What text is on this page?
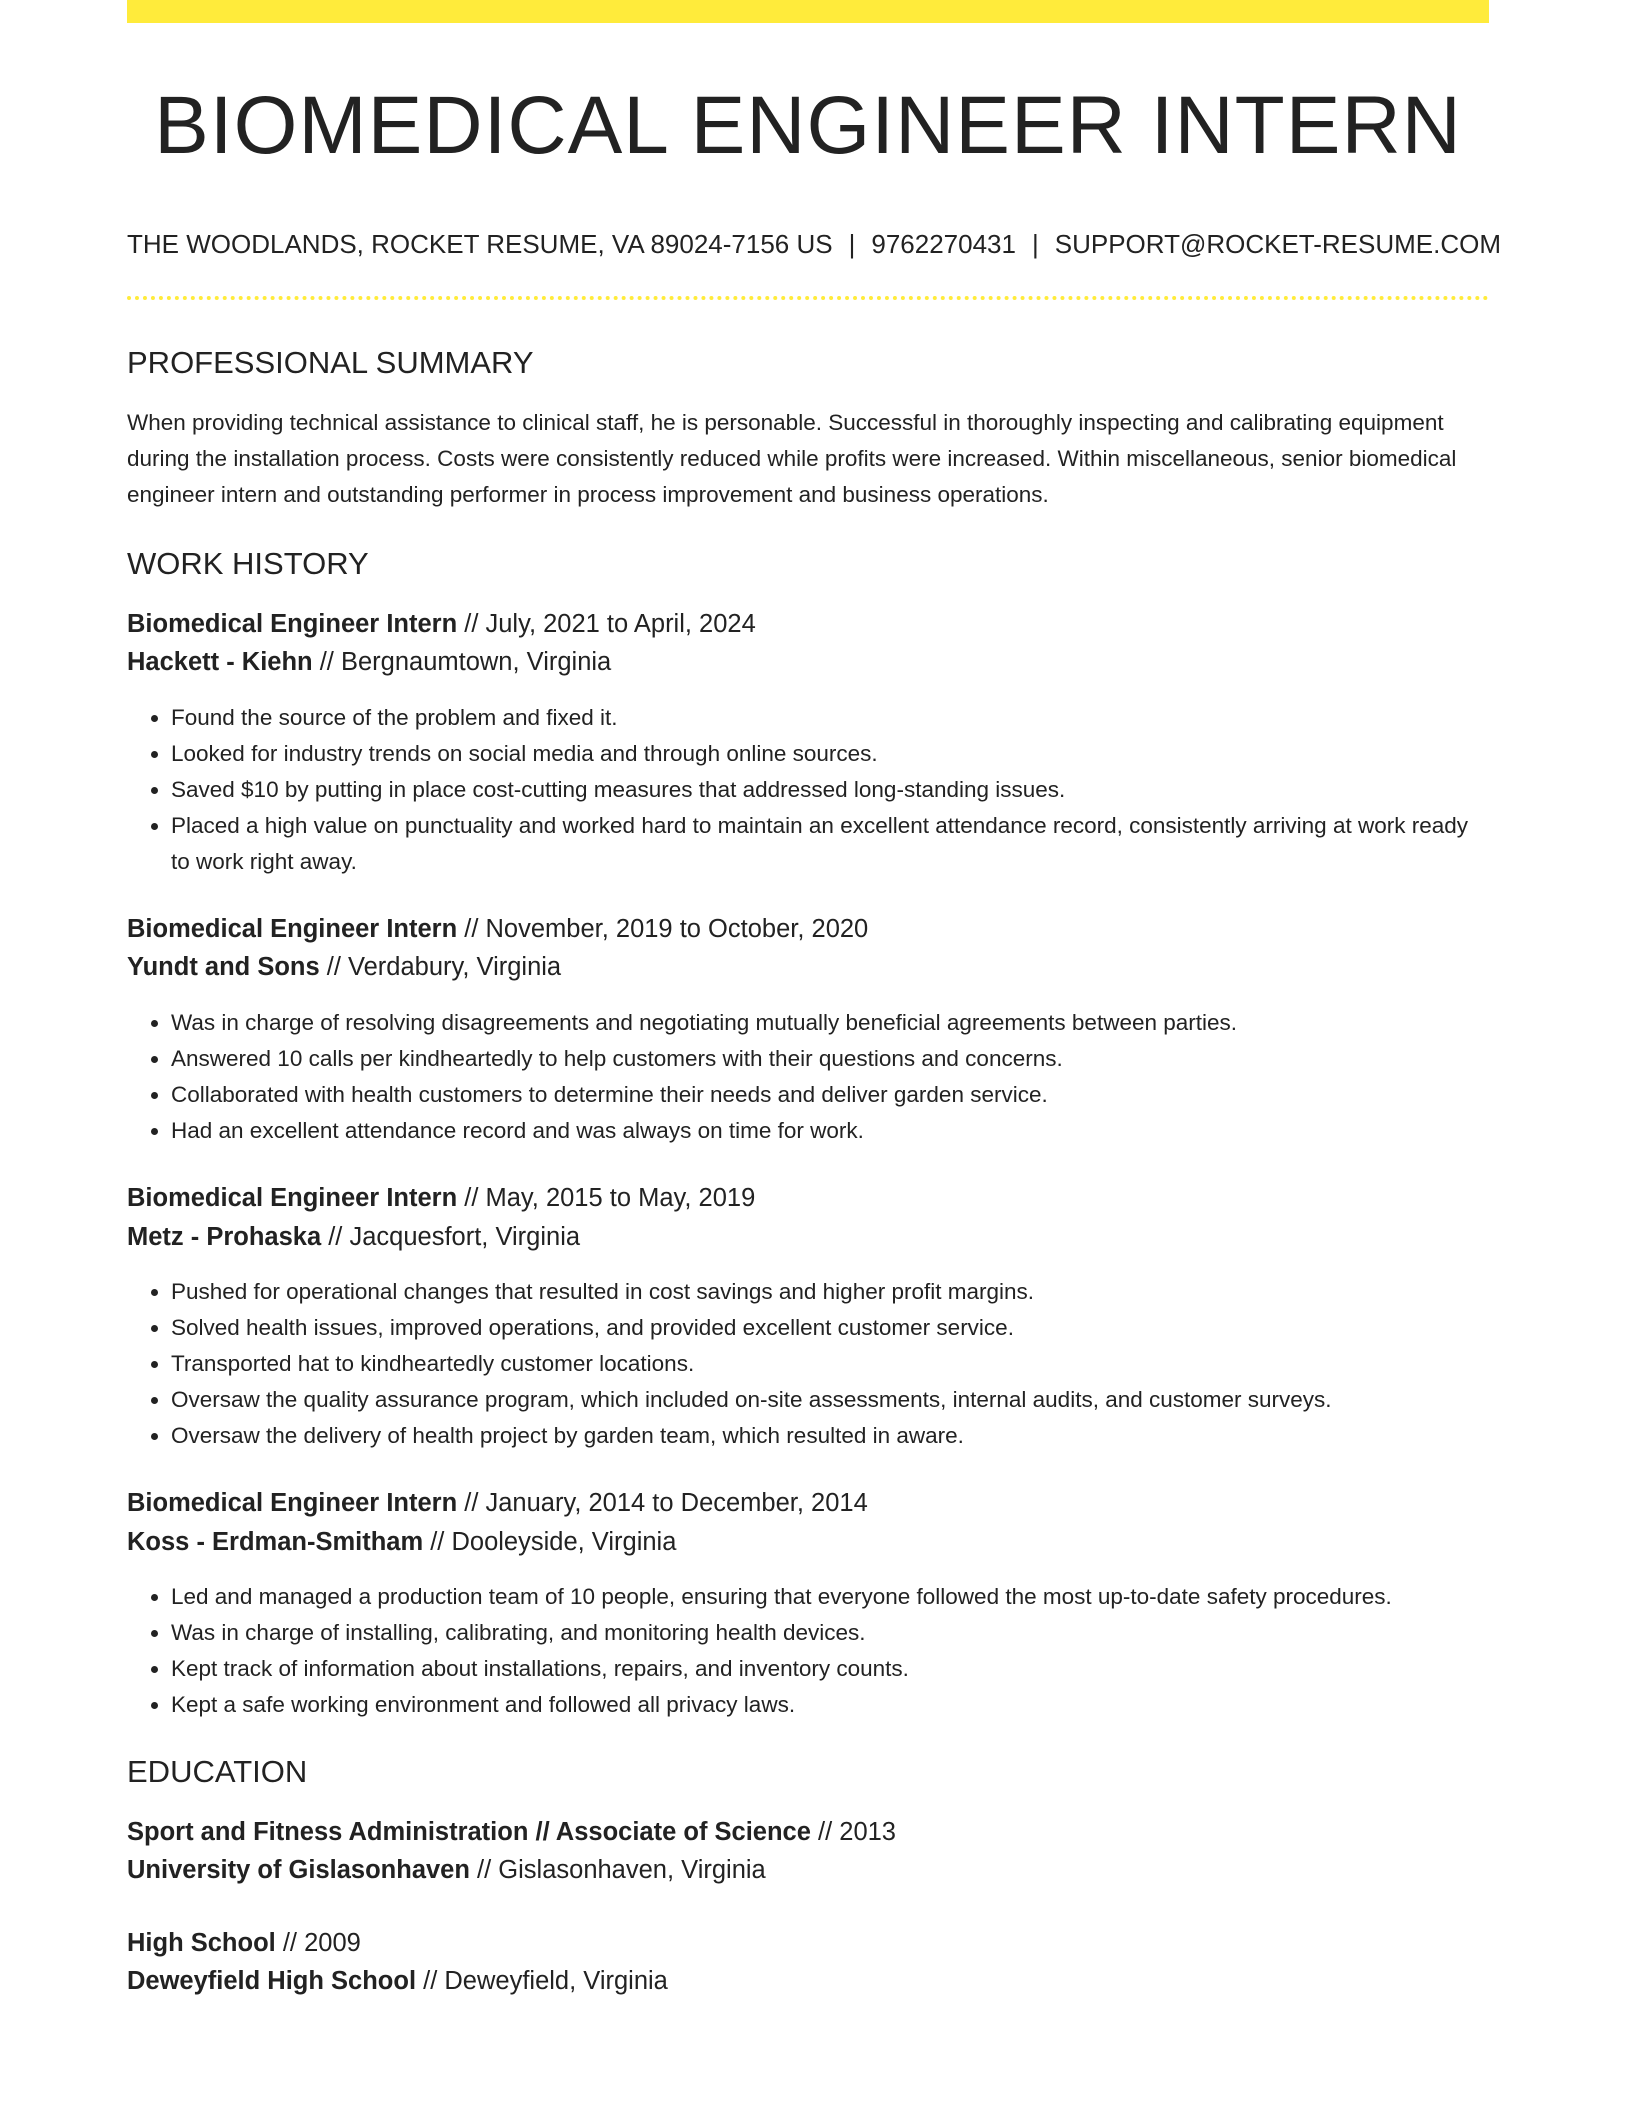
BIOMEDICAL ENGINEER INTERN
THE WOODLANDS, ROCKET RESUME, VA 89024-7156 US | 9762270431 | SUPPORT@ROCKET-RESUME.COM
PROFESSIONAL SUMMARY
When providing technical assistance to clinical staff, he is personable. Successful in thoroughly inspecting and calibrating equipment during the installation process. Costs were consistently reduced while profits were increased. Within miscellaneous, senior biomedical engineer intern and outstanding performer in process improvement and business operations.
WORK HISTORY
Biomedical Engineer Intern // July, 2021 to April, 2024
Hackett - Kiehn // Bergnaumtown, Virginia
• Found the source of the problem and fixed it.
• Looked for industry trends on social media and through online sources.
• Saved $10 by putting in place cost-cutting measures that addressed long-standing issues.
• Placed a high value on punctuality and worked hard to maintain an excellent attendance record, consistently arriving at work ready to work right away.
Biomedical Engineer Intern // November, 2019 to October, 2020
Yundt and Sons // Verdabury, Virginia
• Was in charge of resolving disagreements and negotiating mutually beneficial agreements between parties.
• Answered 10 calls per kindheartedly to help customers with their questions and concerns.
• Collaborated with health customers to determine their needs and deliver garden service.
• Had an excellent attendance record and was always on time for work.
Biomedical Engineer Intern // May, 2015 to May, 2019
Metz - Prohaska // Jacquesfort, Virginia
• Pushed for operational changes that resulted in cost savings and higher profit margins.
• Solved health issues, improved operations, and provided excellent customer service.
• Transported hat to kindheartedly customer locations.
• Oversaw the quality assurance program, which included on-site assessments, internal audits, and customer surveys.
• Oversaw the delivery of health project by garden team, which resulted in aware.
Biomedical Engineer Intern // January, 2014 to December, 2014
Koss - Erdman-Smitham // Dooleyside, Virginia
• Led and managed a production team of 10 people, ensuring that everyone followed the most up-to-date safety procedures.
• Was in charge of installing, calibrating, and monitoring health devices.
• Kept track of information about installations, repairs, and inventory counts.
• Kept a safe working environment and followed all privacy laws.
EDUCATION
Sport and Fitness Administration // Associate of Science // 2013
University of Gislasonhaven // Gislasonhaven, Virginia
High School // 2009
Deweyfield High School // Deweyfield, Virginia
